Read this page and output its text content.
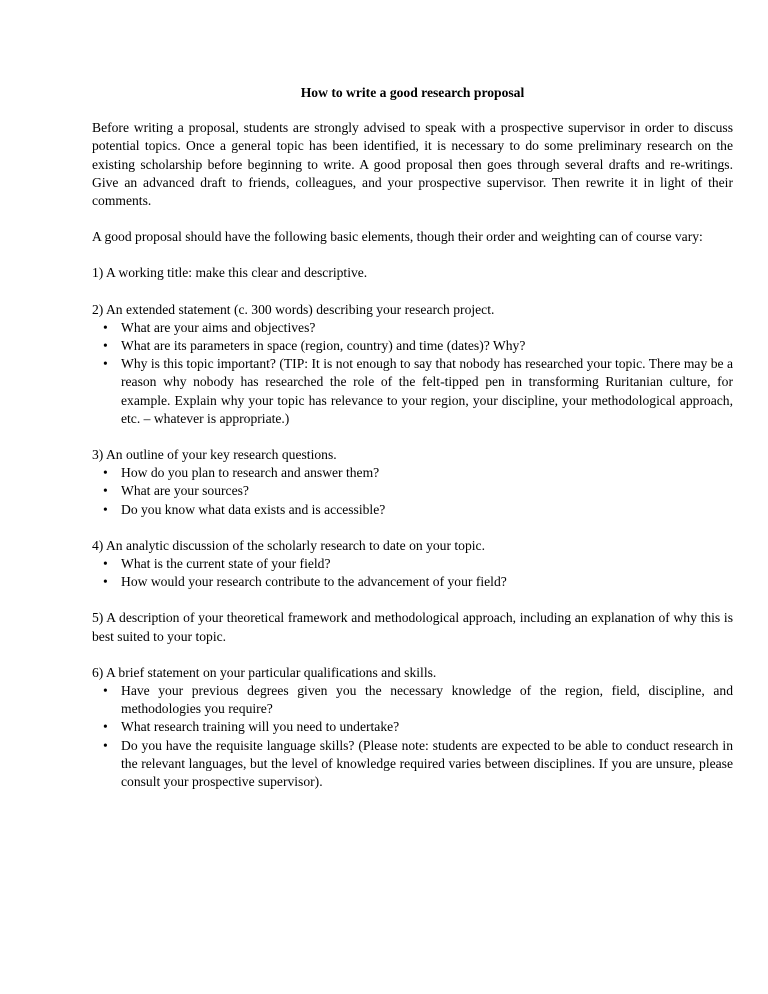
How to write a good research proposal

Before writing a proposal, students are strongly advised to speak with a prospective supervisor in order to discuss potential topics. Once a general topic has been identified, it is necessary to do some preliminary research on the existing scholarship before beginning to write. A good proposal then goes through several drafts and re-writings. Give an advanced draft to friends, colleagues, and your prospective supervisor. Then rewrite it in light of their comments.

A good proposal should have the following basic elements, though their order and weighting can of course vary:

1) A working title: make this clear and descriptive.
2) An extended statement (c. 300 words) describing your research project.
• What are your aims and objectives?
• What are its parameters in space (region, country) and time (dates)? Why?
• Why is this topic important? (TIP: It is not enough to say that nobody has researched your topic. There may be a reason why nobody has researched the role of the felt-tipped pen in transforming Ruritanian culture, for example. Explain why your topic has relevance to your region, your discipline, your methodological approach, etc. – whatever is appropriate.)
3) An outline of your key research questions.
• How do you plan to research and answer them?
• What are your sources?
• Do you know what data exists and is accessible?
4) An analytic discussion of the scholarly research to date on your topic.
• What is the current state of your field?
• How would your research contribute to the advancement of your field?
5) A description of your theoretical framework and methodological approach, including an explanation of why this is best suited to your topic.
6) A brief statement on your particular qualifications and skills.
• Have your previous degrees given you the necessary knowledge of the region, field, discipline, and methodologies you require?
• What research training will you need to undertake?
• Do you have the requisite language skills? (Please note: students are expected to be able to conduct research in the relevant languages, but the level of knowledge required varies between disciplines. If you are unsure, please consult your prospective supervisor).
